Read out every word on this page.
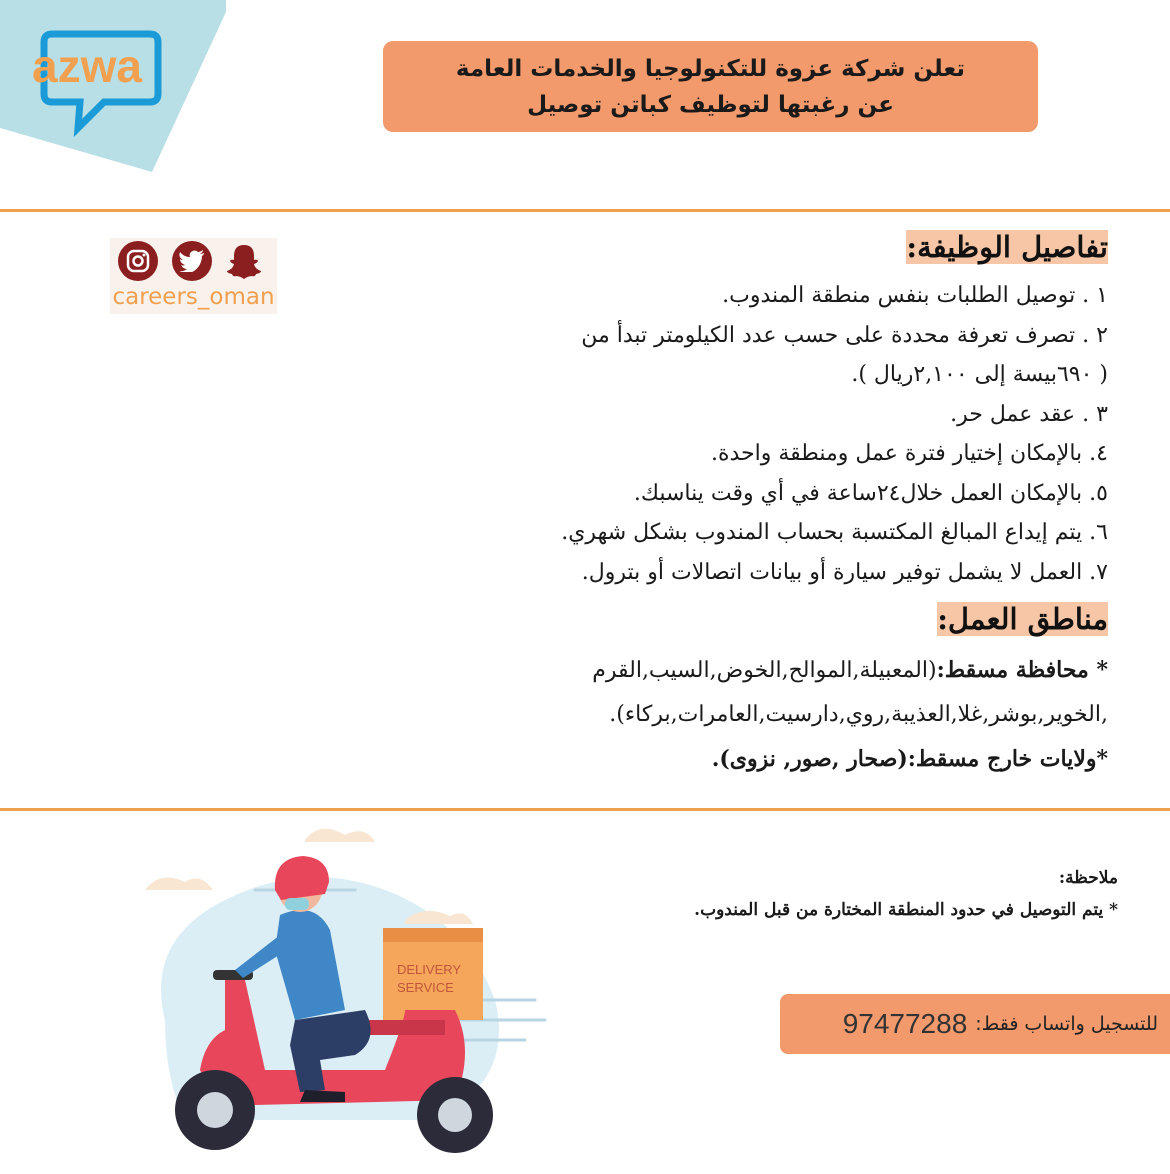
azwa	تعلن شركة عزوة للتكنولوجيا والخدمات العامة
عن رغبتها لتوظيف كباتن توصيل
careers_oman
تفاصيل الوظيفة:
١ . توصيل الطلبات بنفس منطقة المندوب.
٢ . تصرف تعرفة محددة على حسب عدد الكيلومتر تبدأ من
( ٦٩٠بيسة إلى ٢,١٠٠ريال ).
٣ . عقد عمل حر.
٤. بالإمكان إختيار فترة عمل ومنطقة واحدة.
٥. بالإمكان العمل خلال٢٤ساعة في أي وقت يناسبك.
٦. يتم إيداع المبالغ المكتسبة بحساب المندوب بشكل شهري.
٧. العمل لا يشمل توفير سيارة أو بيانات اتصالات أو بترول.
مناطق العمل:
* محافظة مسقط:(المعبيلة,الموالح,الخوض,السيب,القرم
,الخوير,بوشر,غلا,العذيبة,روي,دارسيت,العامرات,بركاء).
*ولايات خارج مسقط:(صحار ,صور, نزوى).
DELIVERY
SERVICE
ملاحظة:
* يتم التوصيل في حدود المنطقة المختارة من قبل المندوب.
للتسجيل واتساب فقط:
97477288
